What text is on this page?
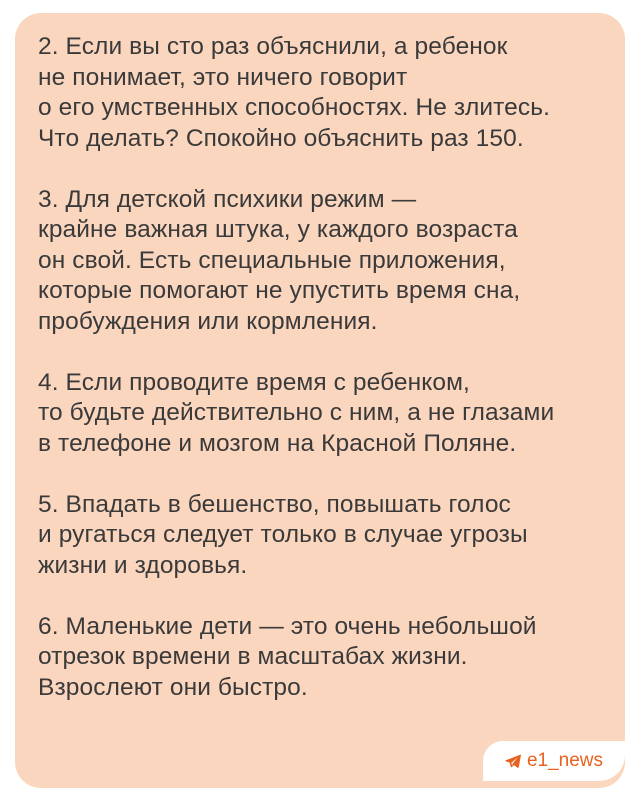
2. Если вы сто раз объяснили, а ребенок
не понимает, это ничего говорит
о его умственных способностях. Не злитесь.
Что делать? Спокойно объяснить раз 150.

3. Для детской психики режим —
крайне важная штука, у каждого возраста
он свой. Есть специальные приложения,
которые помогают не упустить время сна,
пробуждения или кормления.

4. Если проводите время с ребенком,
то будьте действительно с ним, а не глазами
в телефоне и мозгом на Красной Поляне.

5. Впадать в бешенство, повышать голос
и ругаться следует только в случае угрозы
жизни и здоровья.

6. Маленькие дети — это очень небольшой
отрезок времени в масштабах жизни.
Взрослеют они быстро.

e1_news
